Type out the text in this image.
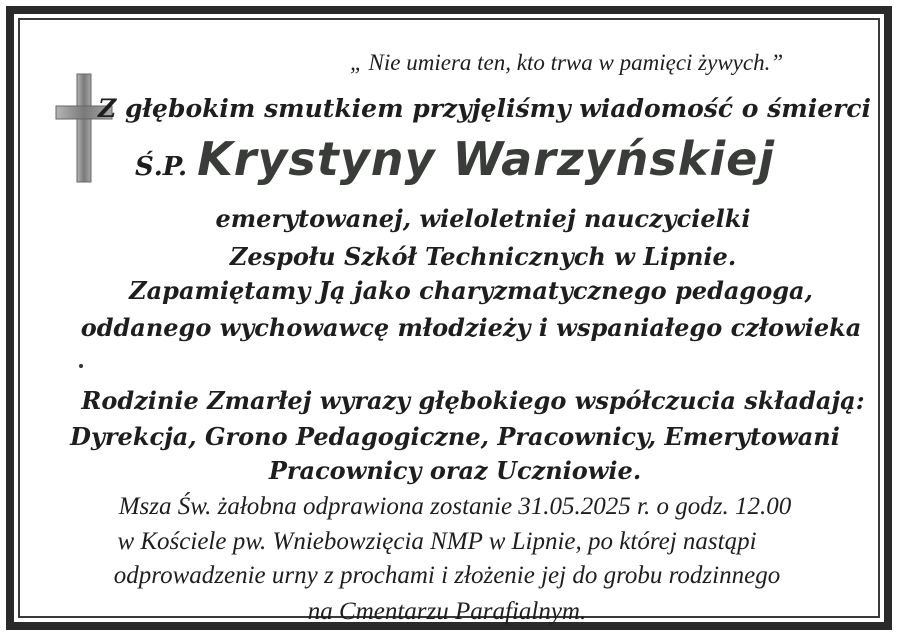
„ Nie umiera ten, kto trwa w pamięci żywych.”
Z głębokim smutkiem przyjęliśmy wiadomość o śmierci
Ś.P. Krystyny Warzyńskiej
emerytowanej, wieloletniej nauczycielki
Zespołu Szkół Technicznych w Lipnie.
Zapamiętamy Ją jako charyzmatycznego pedagoga,
oddanego wychowawcę młodzieży i wspaniałego człowieka
Rodzinie Zmarłej wyrazy głębokiego współczucia składają:
Dyrekcja, Grono Pedagogiczne, Pracownicy, Emerytowani
Pracownicy oraz Uczniowie.
Msza Św. żałobna odprawiona zostanie 31.05.2025 r. o godz. 12.00
w Kościele pw. Wniebowzięcia NMP w Lipnie, po której nastąpi
odprowadzenie urny z prochami i złożenie jej do grobu rodzinnego
na Cmentarzu Parafialnym.
